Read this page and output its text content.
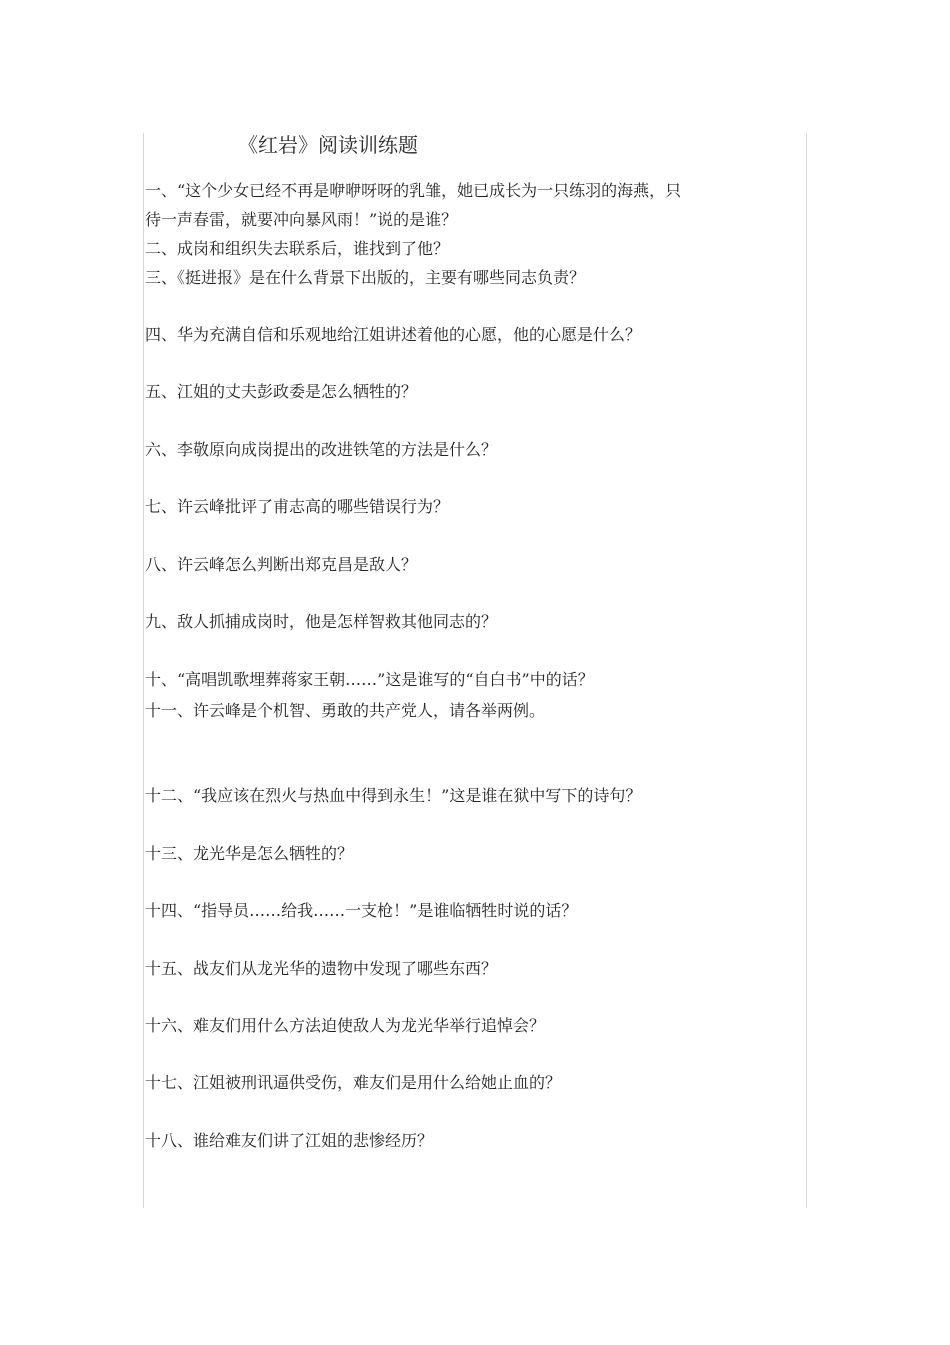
《红岩》阅读训练题
一、“这个少女已经不再是咿咿呀呀的乳雏，她已成长为一只练羽的海燕，只
待一声春雷，就要冲向暴风雨！”说的是谁？
二、成岗和组织失去联系后，谁找到了他？
三、《挺进报》是在什么背景下出版的，主要有哪些同志负责？
四、华为充满自信和乐观地给江姐讲述着他的心愿，他的心愿是什么？
五、江姐的丈夫彭政委是怎么牺牲的？
六、李敬原向成岗提出的改进铁笔的方法是什么？
七、许云峰批评了甫志高的哪些错误行为？
八、许云峰怎么判断出郑克昌是敌人？
九、敌人抓捕成岗时，他是怎样智救其他同志的？
十、“高唱凯歌埋葬蒋家王朝……”这是谁写的“自白书”中的话？
十一、许云峰是个机智、勇敢的共产党人，请各举两例。
十二、“我应该在烈火与热血中得到永生！”这是谁在狱中写下的诗句？
十三、龙光华是怎么牺牲的？
十四、“指导员……给我……一支枪！”是谁临牺牲时说的话？
十五、战友们从龙光华的遗物中发现了哪些东西？
十六、难友们用什么方法迫使敌人为龙光华举行追悼会？
十七、江姐被刑讯逼供受伤，难友们是用什么给她止血的？
十八、谁给难友们讲了江姐的悲惨经历？
